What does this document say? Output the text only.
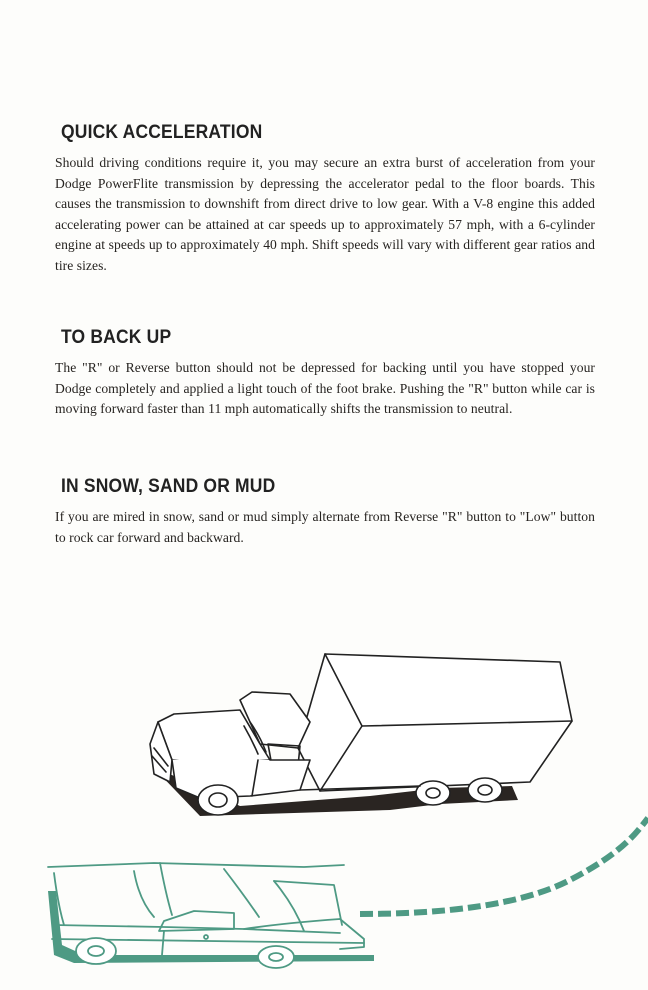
QUICK ACCELERATION

Should driving conditions require it, you may secure an extra burst of acceleration from your Dodge PowerFlite transmission by depressing the accelerator pedal to the floor boards. This causes the transmission to downshift from direct drive to low gear. With a V-8 engine this added accelerating power can be attained at car speeds up to approximately 57 mph, with a 6-cylinder engine at speeds up to approximately 40 mph. Shift speeds will vary with different gear ratios and tire sizes.

TO BACK UP

The "R" or Reverse button should not be depressed for backing until you have stopped your Dodge completely and applied a light touch of the foot brake. Pushing the "R" button while car is moving forward faster than 11 mph automatically shifts the transmission to neutral.

IN SNOW, SAND OR MUD

If you are mired in snow, sand or mud simply alternate from Reverse "R" button to "Low" button to rock car forward and backward.
